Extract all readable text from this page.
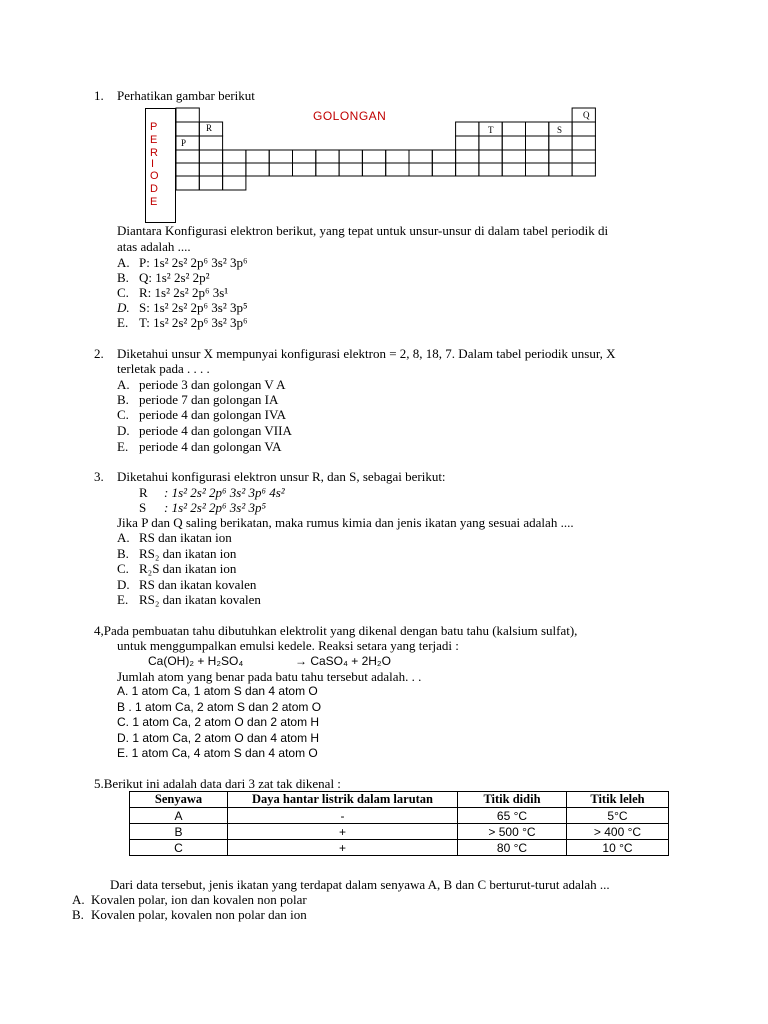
1. Perhatikan gambar berikut
P
E
R
I
O
D
E
GOLONGAN
R
P
T	S
Q
Diantara Konfigurasi elektron berikut, yang tepat untuk unsur-unsur di dalam tabel periodik di
atas adalah ....
A. P: 1s² 2s² 2p⁶ 3s² 3p⁶
B. Q: 1s² 2s² 2p²
C. R: 1s² 2s² 2p⁶ 3s¹
D. S: 1s² 2s² 2p⁶ 3s² 3p⁵
E. T: 1s² 2s² 2p⁶ 3s² 3p⁶
2. Diketahui unsur X mempunyai konfigurasi elektron = 2, 8, 18, 7. Dalam tabel periodik unsur, X
terletak pada . . . .
A. periode 3 dan golongan V A
B. periode 7 dan golongan IA
C. periode 4 dan golongan IVA
D. periode 4 dan golongan VIIA
E. periode 4 dan golongan VA
3. Diketahui konfigurasi elektron unsur R, dan S, sebagai berikut:
R : 1s² 2s² 2p⁶ 3s² 3p⁶ 4s²
S : 1s² 2s² 2p⁶ 3s² 3p⁵
Jika P dan Q saling berikatan, maka rumus kimia dan jenis ikatan yang sesuai adalah ....
A. RS dan ikatan ion
B. RS₂ dan ikatan ion
C. R₂S dan ikatan ion
D. RS dan ikatan kovalen
E. RS₂ dan ikatan kovalen
4,Pada pembuatan tahu dibutuhkan elektrolit yang dikenal dengan batu tahu (kalsium sulfat),
untuk menggumpalkan emulsi kedele. Reaksi setara yang terjadi :
Ca(OH)₂ + H₂SO₄	→ CaSO₄ + 2H₂O
Jumlah atom yang benar pada batu tahu tersebut adalah. . .
A. 1 atom Ca, 1 atom S dan 4 atom O
B . 1 atom Ca, 2 atom S dan 2 atom O
C. 1 atom Ca, 2 atom O dan 2 atom H
D. 1 atom Ca, 2 atom O dan 4 atom H
E. 1 atom Ca, 4 atom S dan 4 atom O
5.Berikut ini adalah data dari 3 zat tak dikenal :
Senyawa	Daya hantar listrik dalam larutan	Titik didih	Titik leleh
A	-	65 °C	5°C
B	+	> 500 °C	> 400 °C
C	+	80 °C	10 °C
Dari data tersebut, jenis ikatan yang terdapat dalam senyawa A, B dan C berturut-turut adalah ...
A. Kovalen polar, ion dan kovalen non polar
B. Kovalen polar, kovalen non polar dan ion
